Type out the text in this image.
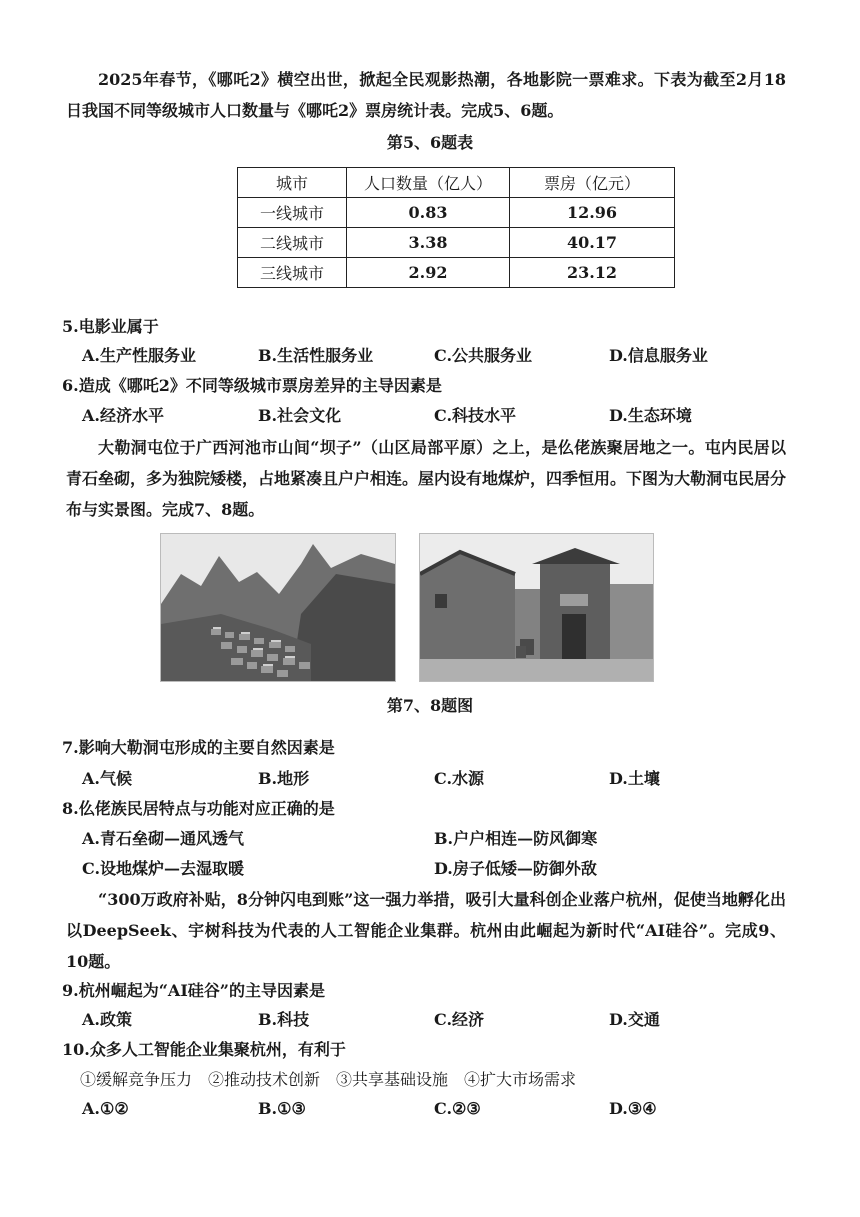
2025年春节，《哪吒2》横空出世，掀起全民观影热潮，各地影院一票难求。下表为截至2月18日我国不同等级城市人口数量与《哪吒2》票房统计表。完成5、6题。

第5、6题表
城市	人口数量（亿人）	票房（亿元）
一线城市	0.83	12.96
二线城市	3.38	40.17
三线城市	2.92	23.12
5.电影业属于
A.生产性服务业	B.生活性服务业	C.公共服务业	D.信息服务业
6.造成《哪吒2》不同等级城市票房差异的主导因素是
A.经济水平	B.社会文化	C.科技水平	D.生态环境

大勒洞屯位于广西河池市山间“坝子”（山区局部平原）之上，是仫佬族聚居地之一。屯内民居以青石垒砌，多为独院矮楼，占地紧凑且户户相连。屋内设有地煤炉，四季恒用。下图为大勒洞屯民居分布与实景图。完成7、8题。

第7、8题图
7.影响大勒洞屯形成的主要自然因素是
A.气候	B.地形	C.水源	D.土壤
8.仫佬族民居特点与功能对应正确的是
A.青石垒砌—通风透气	B.户户相连—防风御寒
C.设地煤炉—去湿取暖	D.房子低矮—防御外敌

“300万政府补贴，8分钟闪电到账”这一强力举措，吸引大量科创企业落户杭州，促使当地孵化出以DeepSeek、宇树科技为代表的人工智能企业集群。杭州由此崛起为新时代“AI硅谷”。完成9、10题。

9.杭州崛起为“AI硅谷”的主导因素是
A.政策	B.科技	C.经济	D.交通
10.众多人工智能企业集聚杭州，有利于
①缓解竞争压力　②推动技术创新　③共享基础设施　④扩大市场需求
A.①②	B.①③	C.②③	D.③④
